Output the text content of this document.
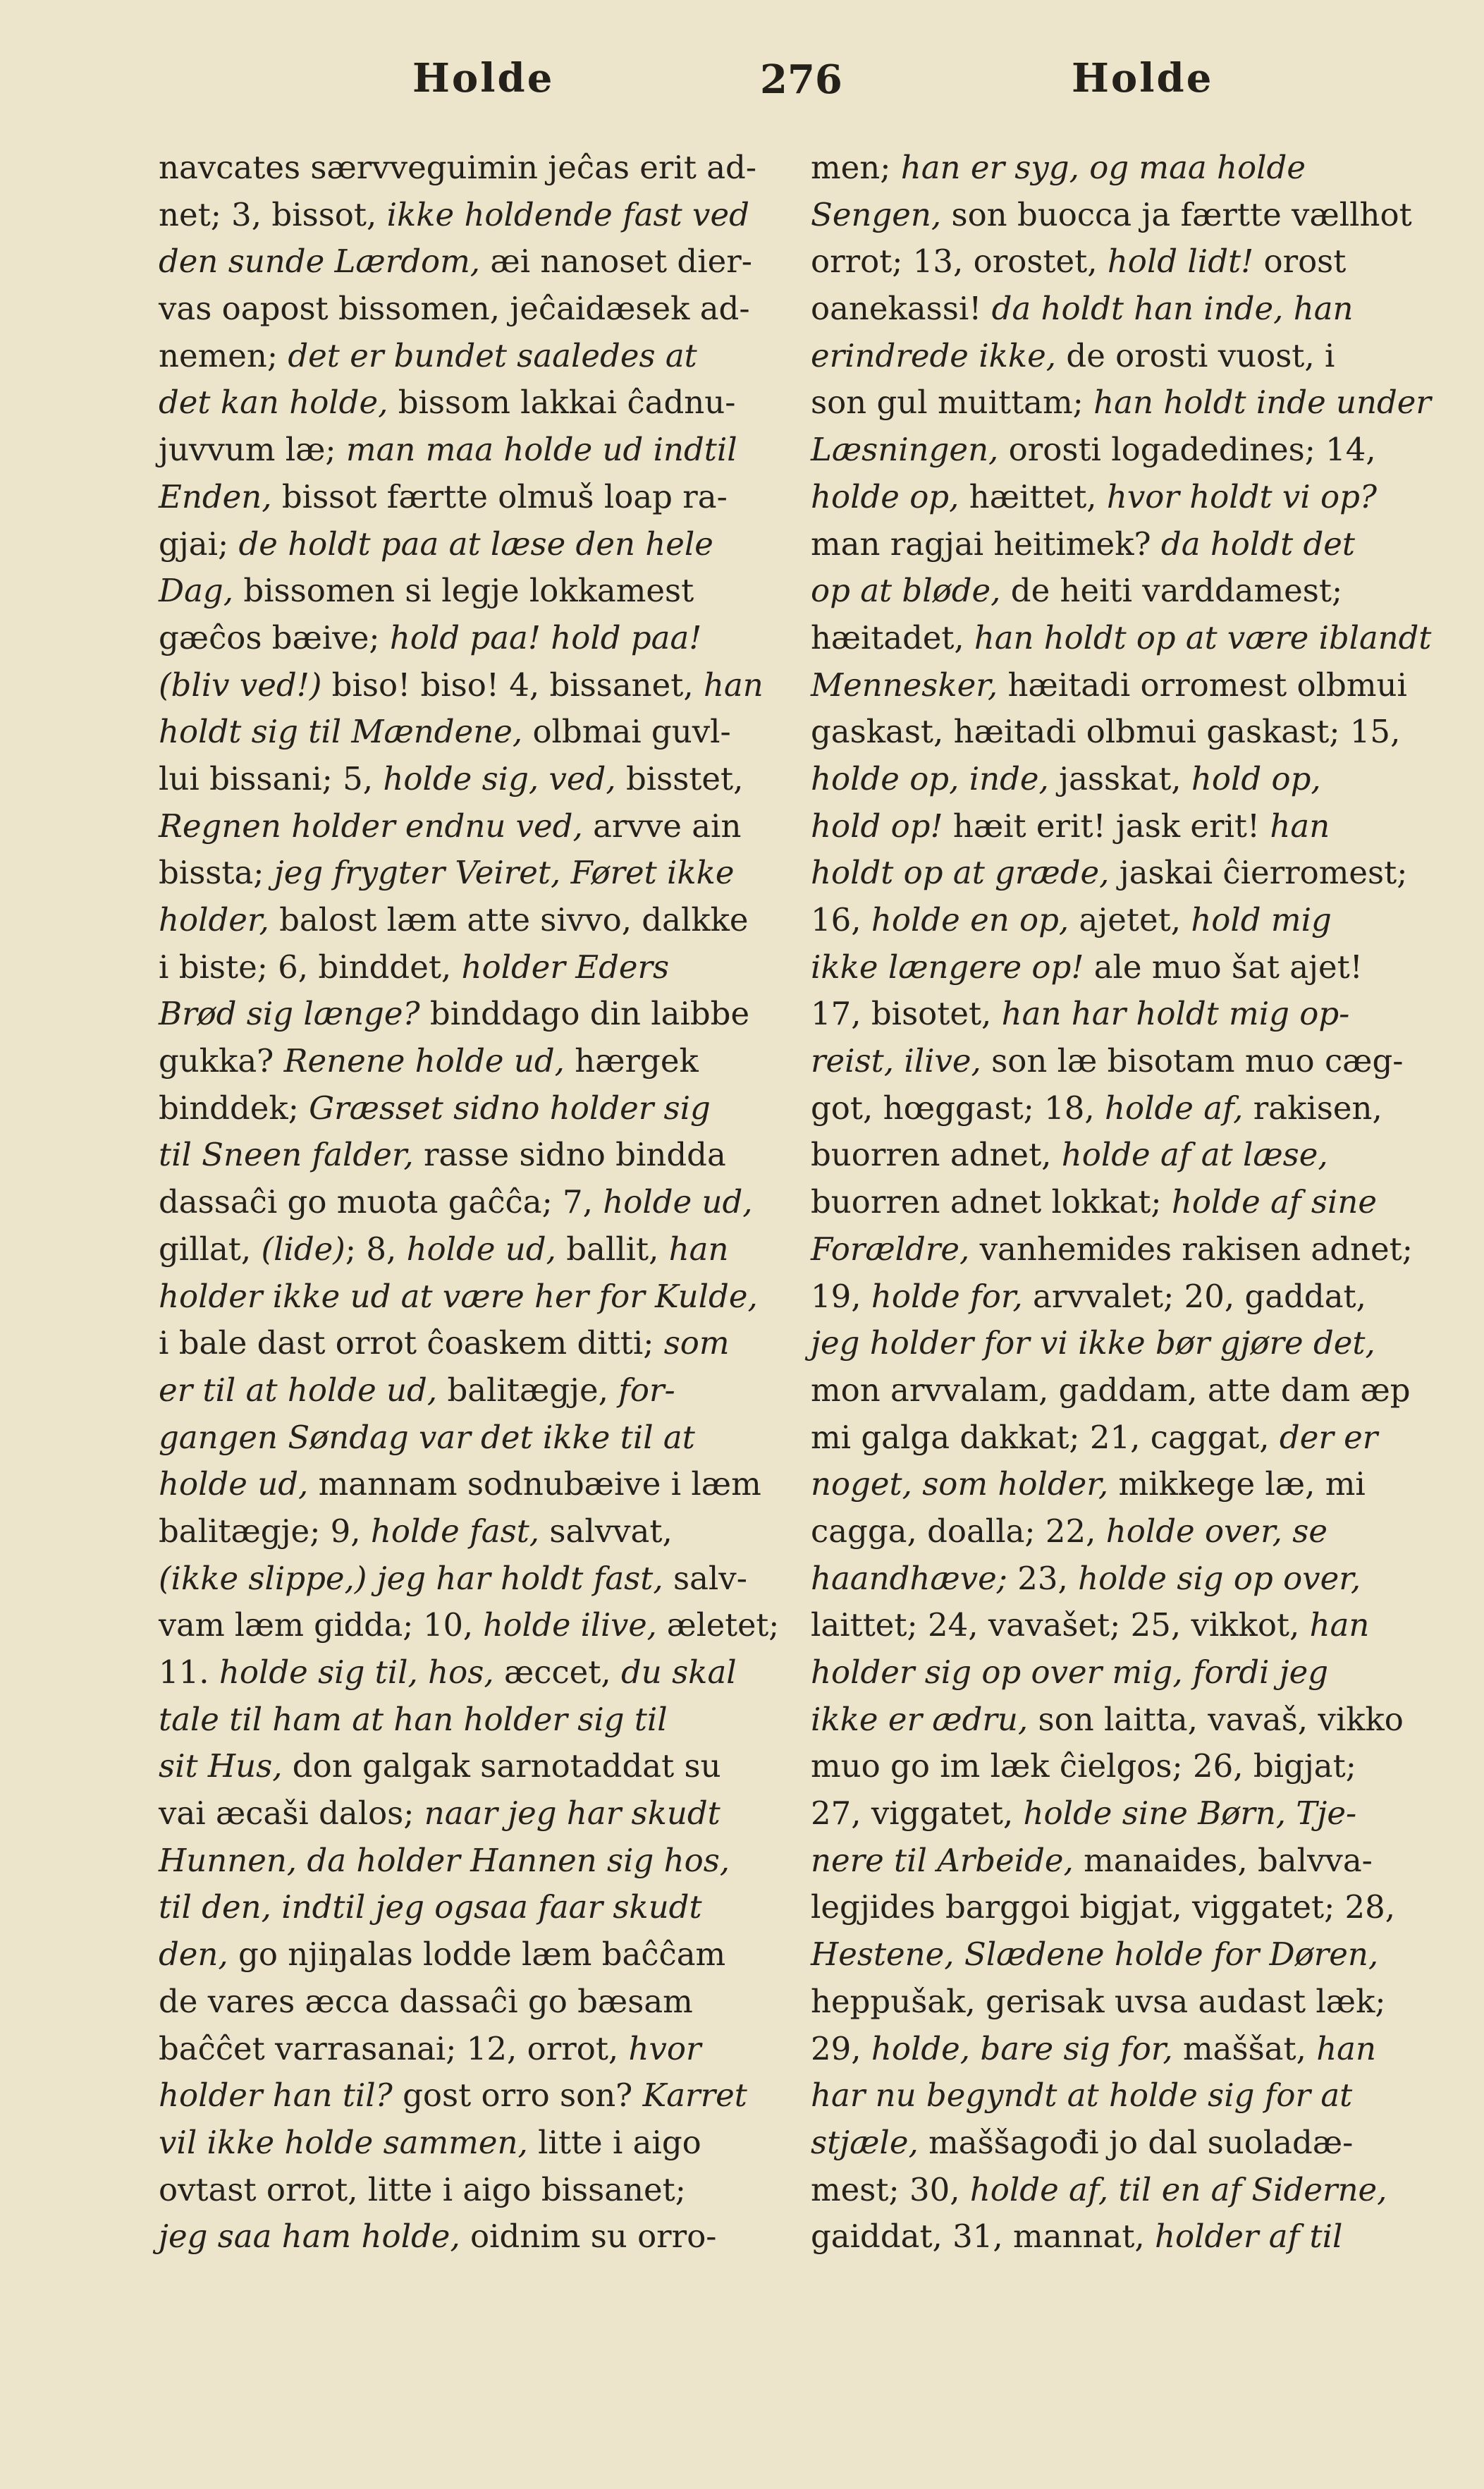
Holde	276	Holde
navcates særvveguimin jeĉas erit ad-
net; 3, bissot, ikke holdende fast ved
den sunde Lærdom, æi nanoset dier-
vas oapost bissomen, jeĉaidæsek ad-
nemen; det er bundet saaledes at
det kan holde, bissom lakkai ĉadnu-
juvvum læ; man maa holde ud indtil
Enden, bissot færtte olmuš loap ra-
gjai; de holdt paa at læse den hele
Dag, bissomen si legje lokkamest
gæĉos bæive; hold paa! hold paa!
(bliv ved!) biso! biso! 4, bissanet, han
holdt sig til Mændene, olbmai guvl-
lui bissani; 5, holde sig, ved, bisstet,
Regnen holder endnu ved, arvve ain
bissta; jeg frygter Veiret, Føret ikke
holder, balost læm atte sivvo, dalkke
i biste; 6, binddet, holder Eders
Brød sig længe? binddago din laibbe
gukka? Renene holde ud, hærgek
binddek; Græsset sidno holder sig
til Sneen falder, rasse sidno bindda
dassaĉi go muota gaĉĉa; 7, holde ud,
gillat, (lide); 8, holde ud, ballit, han
holder ikke ud at være her for Kulde,
i bale dast orrot ĉoaskem ditti; som
er til at holde ud, balitægje, for-
gangen Søndag var det ikke til at
holde ud, mannam sodnubæive i læm
balitægje; 9, holde fast, salvvat,
(ikke slippe,) jeg har holdt fast, salv-
vam læm gidda; 10, holde ilive, æletet;
11. holde sig til, hos, æccet, du skal
tale til ham at han holder sig til
sit Hus, don galgak sarnotaddat su
vai æcaši dalos; naar jeg har skudt
Hunnen, da holder Hannen sig hos,
til den, indtil jeg ogsaa faar skudt
den, go njiŋalas lodde læm baĉĉam
de vares æcca dassaĉi go bæsam
baĉĉet varrasanai; 12, orrot, hvor
holder han til? gost orro son? Karret
vil ikke holde sammen, litte i aigo
ovtast orrot, litte i aigo bissanet;
jeg saa ham holde, oidnim su orro-
men; han er syg, og maa holde
Sengen, son buocca ja færtte vællhot
orrot; 13, orostet, hold lidt! orost
oanekassi! da holdt han inde, han
erindrede ikke, de orosti vuost, i
son gul muittam; han holdt inde under
Læsningen, orosti logadedines; 14,
holde op, hæittet, hvor holdt vi op?
man ragjai heitimek? da holdt det
op at bløde, de heiti varddamest;
hæitadet, han holdt op at være iblandt
Mennesker, hæitadi orromest olbmui
gaskast, hæitadi olbmui gaskast; 15,
holde op, inde, jasskat, hold op,
hold op! hæit erit! jask erit! han
holdt op at græde, jaskai ĉierromest;
16, holde en op, ajetet, hold mig
ikke længere op! ale muo šat ajet!
17, bisotet, han har holdt mig op-
reist, ilive, son læ bisotam muo cæg-
got, hœggast; 18, holde af, rakisen,
buorren adnet, holde af at læse,
buorren adnet lokkat; holde af sine
Forældre, vanhemides rakisen adnet;
19, holde for, arvvalet; 20, gaddat,
jeg holder for vi ikke bør gjøre det,
mon arvvalam, gaddam, atte dam æp
mi galga dakkat; 21, caggat, der er
noget, som holder, mikkege læ, mi
cagga, doalla; 22, holde over, se
haandhæve; 23, holde sig op over,
laittet; 24, vavašet; 25, vikkot, han
holder sig op over mig, fordi jeg
ikke er ædru, son laitta, vavaš, vikko
muo go im læk ĉielgos; 26, bigjat;
27, viggatet, holde sine Børn, Tje-
nere til Arbeide, manaides, balvva-
legjides barggoi bigjat, viggatet; 28,
Hestene, Slædene holde for Døren,
heppušak, gerisak uvsa audast læk;
29, holde, bare sig for, maššat, han
har nu begyndt at holde sig for at
stjæle, maššagođi jo dal suoladæ-
mest; 30, holde af, til en af Siderne,
gaiddat, 31, mannat, holder af til
